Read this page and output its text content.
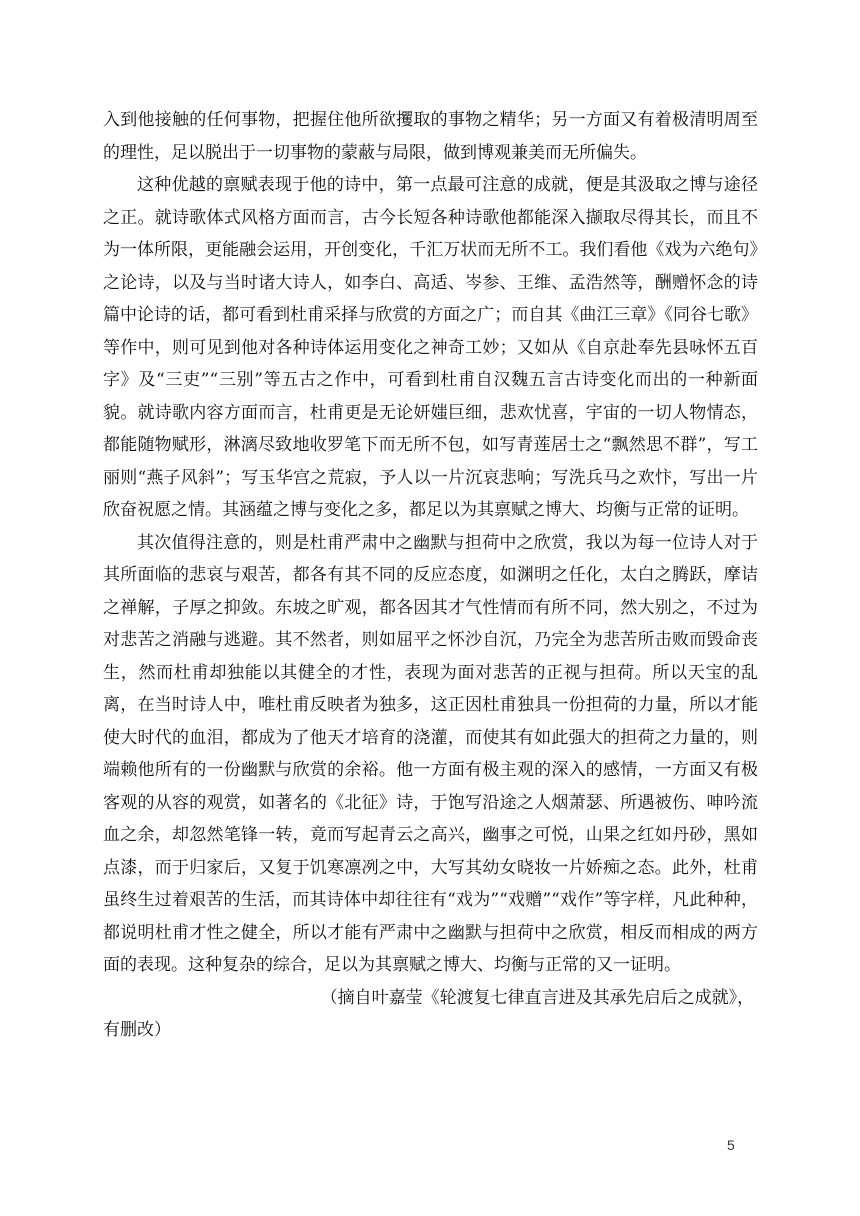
入到他接触的任何事物，把握住他所欲攫取的事物之精华；另一方面又有着极清明周至的理性，足以脱出于一切事物的蒙蔽与局限，做到博观兼美而无所偏失。

这种优越的禀赋表现于他的诗中，第一点最可注意的成就，便是其汲取之博与途径之正。就诗歌体式风格方面而言，古今长短各种诗歌他都能深入撷取尽得其长，而且不为一体所限，更能融会运用，开创变化，千汇万状而无所不工。我们看他《戏为六绝句》之论诗，以及与当时诸大诗人，如李白、高适、岑参、王维、孟浩然等，酬赠怀念的诗篇中论诗的话，都可看到杜甫采择与欣赏的方面之广；而自其《曲江三章》《同谷七歌》等作中，则可见到他对各种诗体运用变化之神奇工妙；又如从《自京赴奉先县咏怀五百字》及“三吏”“三别”等五古之作中，可看到杜甫自汉魏五言古诗变化而出的一种新面貌。就诗歌内容方面而言，杜甫更是无论妍媸巨细，悲欢忧喜，宇宙的一切人物情态，都能随物赋形，淋漓尽致地收罗笔下而无所不包，如写青莲居士之“飘然思不群”，写工丽则“燕子风斜”；写玉华宫之荒寂，予人以一片沉哀悲响；写洗兵马之欢忭，写出一片欣奋祝愿之情。其涵蕴之博与变化之多，都足以为其禀赋之博大、均衡与正常的证明。

其次值得注意的，则是杜甫严肃中之幽默与担荷中之欣赏，我以为每一位诗人对于其所面临的悲哀与艰苦，都各有其不同的反应态度，如渊明之任化，太白之腾跃，摩诘之禅解，子厚之抑敛。东坡之旷观，都各因其才气性情而有所不同，然大别之，不过为对悲苦之消融与逃避。其不然者，则如屈平之怀沙自沉，乃完全为悲苦所击败而毁命丧生，然而杜甫却独能以其健全的才性，表现为面对悲苦的正视与担荷。所以天宝的乱离，在当时诗人中，唯杜甫反映者为独多，这正因杜甫独具一份担荷的力量，所以才能使大时代的血泪，都成为了他天才培育的浇灌，而使其有如此强大的担荷之力量的，则端赖他所有的一份幽默与欣赏的余裕。他一方面有极主观的深入的感情，一方面又有极客观的从容的观赏，如著名的《北征》诗，于饱写沿途之人烟萧瑟、所遇被伤、呻吟流血之余，却忽然笔锋一转，竟而写起青云之高兴，幽事之可悦，山果之红如丹砂，黑如点漆，而于归家后，又复于饥寒凛冽之中，大写其幼女晓妆一片娇痴之态。此外，杜甫虽终生过着艰苦的生活，而其诗体中却往往有“戏为”“戏赠”“戏作”等字样，凡此种种，都说明杜甫才性之健全，所以才能有严肃中之幽默与担荷中之欣赏，相反而相成的两方面的表现。这种复杂的综合，足以为其禀赋之博大、均衡与正常的又一证明。

（摘自叶嘉莹《轮渡复七律直言进及其承先启后之成就》，有删改）

5
